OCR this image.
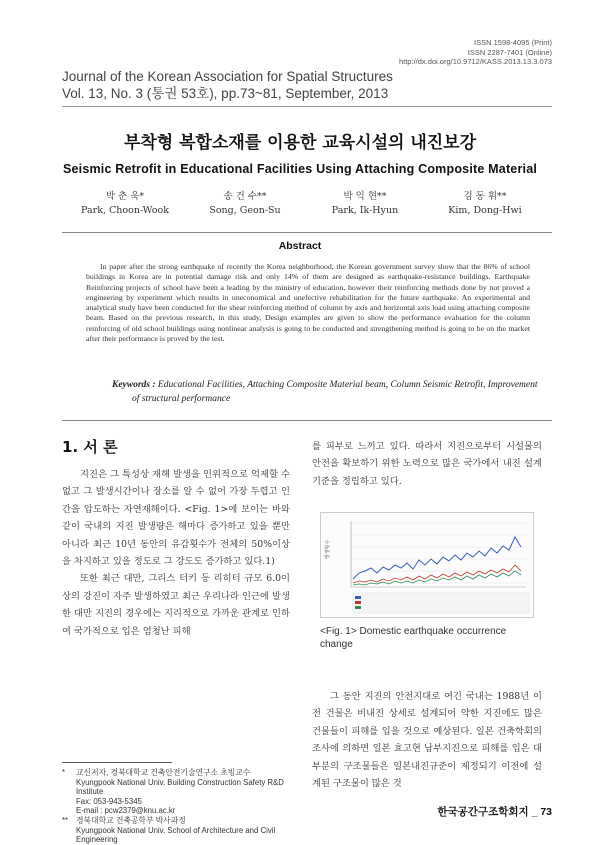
ISSN 1598-4095 (Print)
ISSN 2287-7401 (Online)
http://dx.doi.org/10.9712/KASS.2013.13.3.073
Journal of the Korean Association for Spatial Structures
Vol. 13, No. 3 (통권 53호), pp.73~81, September, 2013
부착형 복합소재를 이용한 교육시설의 내진보강
Seismic Retrofit in Educational Facilities Using Attaching Composite Material
박 춘 욱*
Park, Choon-Wook
송 건 수**
Song, Geon-Su
박 익 현**
Park, Ik-Hyun
김 동 휘**
Kim, Dong-Hwi
Abstract
In paper after the strong earthquake of recently the Korea neighborhood, the Korean government survey show that the 86% of school buildings in Korea are in potential damage risk and only 14% of them are designed as earthquake-resistance buildings. Earthquake Reinforcing projects of school have been a leading by the ministry of education, however their reinforcing methods done by not proved a engineering by experiment which results in uneconomical and unefective rehabilitation for the future earthquake. An experimental and analytical study have been conducted for the shear reinforcing method of column by axis and horizontal axis load using attaching composite beam. Based on the previous research, in this study, Design examples are given to show the performance evaluation for the column reinforcing of old school buildings using nonlinear analysis is going to be conducted and strengthening method is going to be on the market after their performance is proved by the test.
Keywords : Educational Facilities, Attaching Composite Material beam, Column Seismic Retrofit, Improvement
of structural performance
1. 서 론

지진은 그 특성상 재해 발생을 인위적으로 억제할 수 없고 그 발생시간이나 장소를 알 수 없어 가장 두렵고 인간을 압도하는 자연재해이다. <Fig. 1>에 보이는 바와 같이 국내의 지진 발생량은 해마다 증가하고 있을 뿐만 아니라 최근 10년 동안의 유감횟수가 전체의 50%이상을 차지하고 있을 정도로 그 강도도 증가하고 있다.1)

또한 최근 대만, 그리스 터키 등 리히터 규모 6.0이상의 강진이 자주 발생하였고 최근 우리나라 인근에 발생한 대만 지진의 경우에는 지리적으로 가까운 관계로 인하여 국가적으로 입은 엄청난 피해

를 피부로 느끼고 있다. 따라서 지진으로부터 시설물의 안전을 확보하기 위한 노력으로 많은 국가에서 내진 설계기준을 정립하고 있다.
발생횟수
<Fig. 1> Domestic earthquake occurrence change
그 동안 지진의 안전지대로 여긴 국내는 1988년 이전 건물은 비내진 상세로 설계되어 약한 지진에도 많은 건물들이 피해를 입을 것으로 예상된다. 일본 건축학회의 조사에 의하면 일본 효고현 남부지진으로 피해를 입은 대부분의 구조물들은 일본내진규준이 제정되기 이전에 설계된 구조물이 많은 것
*	교신저자, 경북대학교 건축안전기술연구소 초빙교수
Kyungpook National Univ. Building Construction Safety R&D Institute
Fax: 053-943-5345
E-mail : pcw2379@knu.ac.kr
**	경북대학교 건축공학부 박사과정
Kyungpook National Univ. School of Architecture and Civil Engineering
한국공간구조학회지 _ 73
